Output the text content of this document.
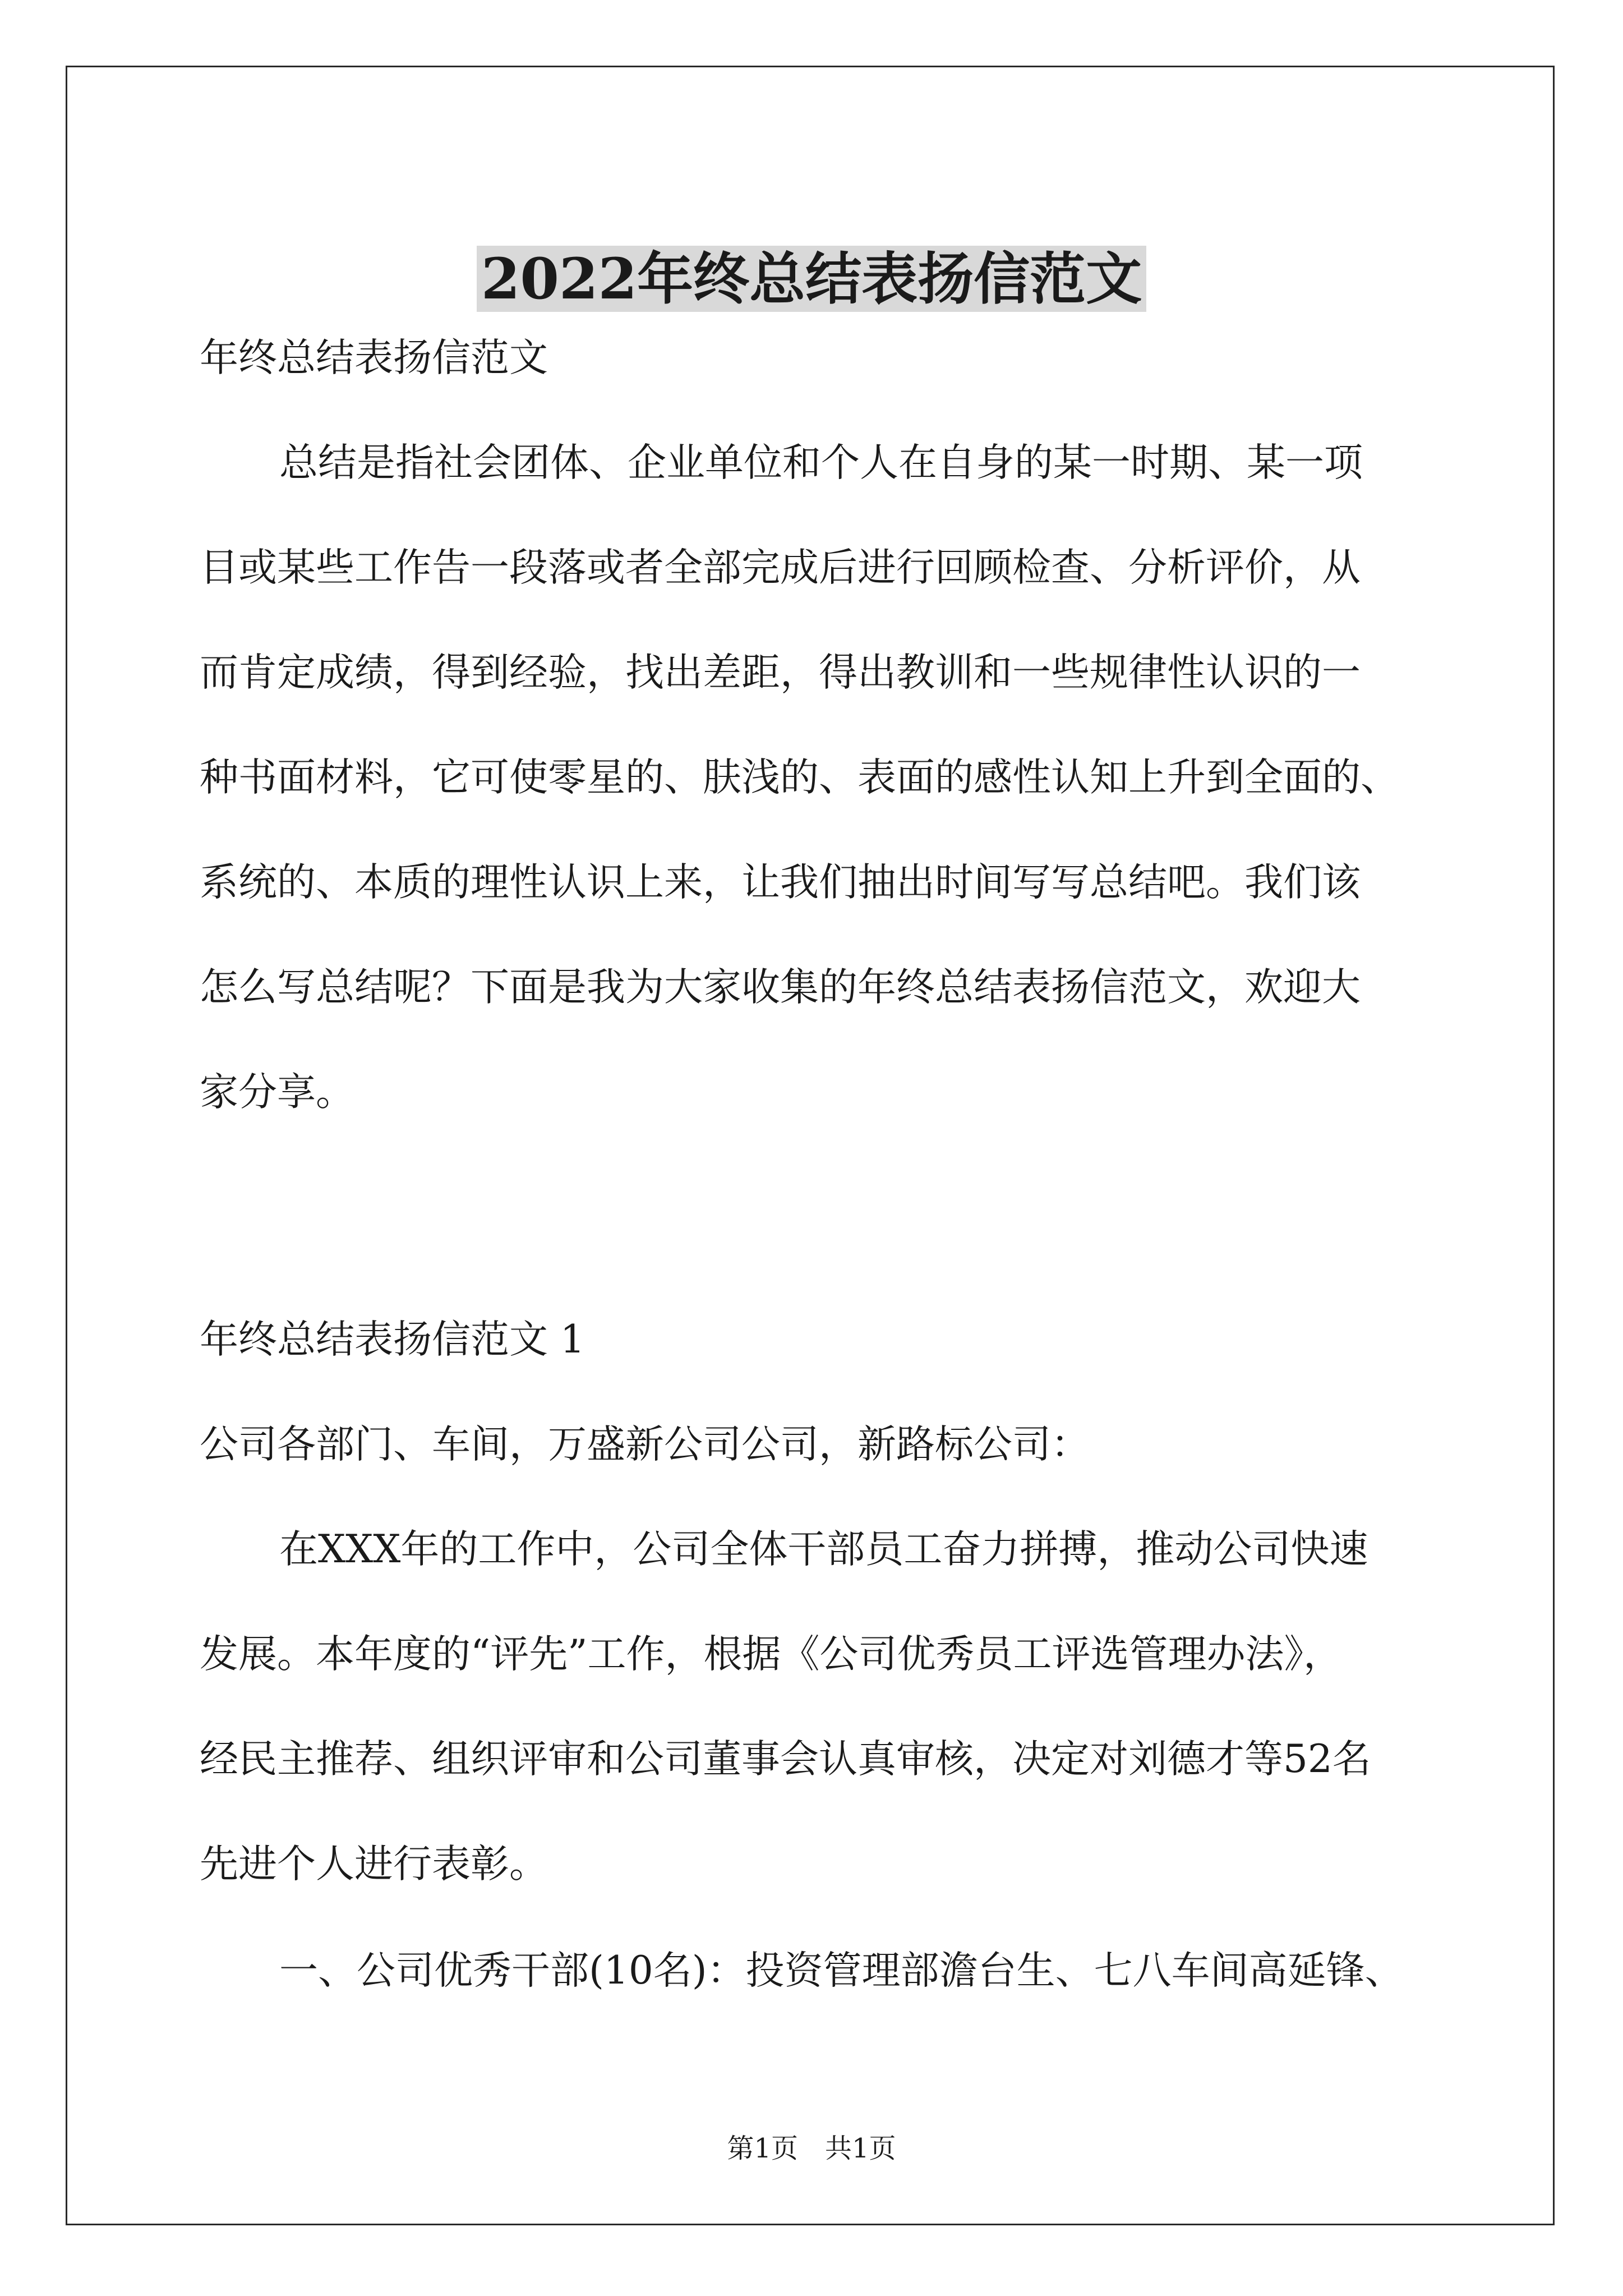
2022年终总结表扬信范文
年终总结表扬信范文
总结是指社会团体、企业单位和个人在自身的某一时期、某一项
目或某些工作告一段落或者全部完成后进行回顾检查、分析评价，从
而肯定成绩，得到经验，找出差距，得出教训和一些规律性认识的一
种书面材料，它可使零星的、肤浅的、表面的感性认知上升到全面的、
系统的、本质的理性认识上来，让我们抽出时间写写总结吧。我们该
怎么写总结呢？下面是我为大家收集的年终总结表扬信范文，欢迎大
家分享。
年终总结表扬信范文 1
公司各部门、车间，万盛新公司公司，新路标公司：
在XXX年的工作中，公司全体干部员工奋力拼搏，推动公司快速
发展。本年度的“评先”工作，根据《公司优秀员工评选管理办法》，
经民主推荐、组织评审和公司董事会认真审核，决定对刘德才等52名
先进个人进行表彰。
一、公司优秀干部(10名)：投资管理部澹台生、七八车间高延锋、
第1页　共1页
